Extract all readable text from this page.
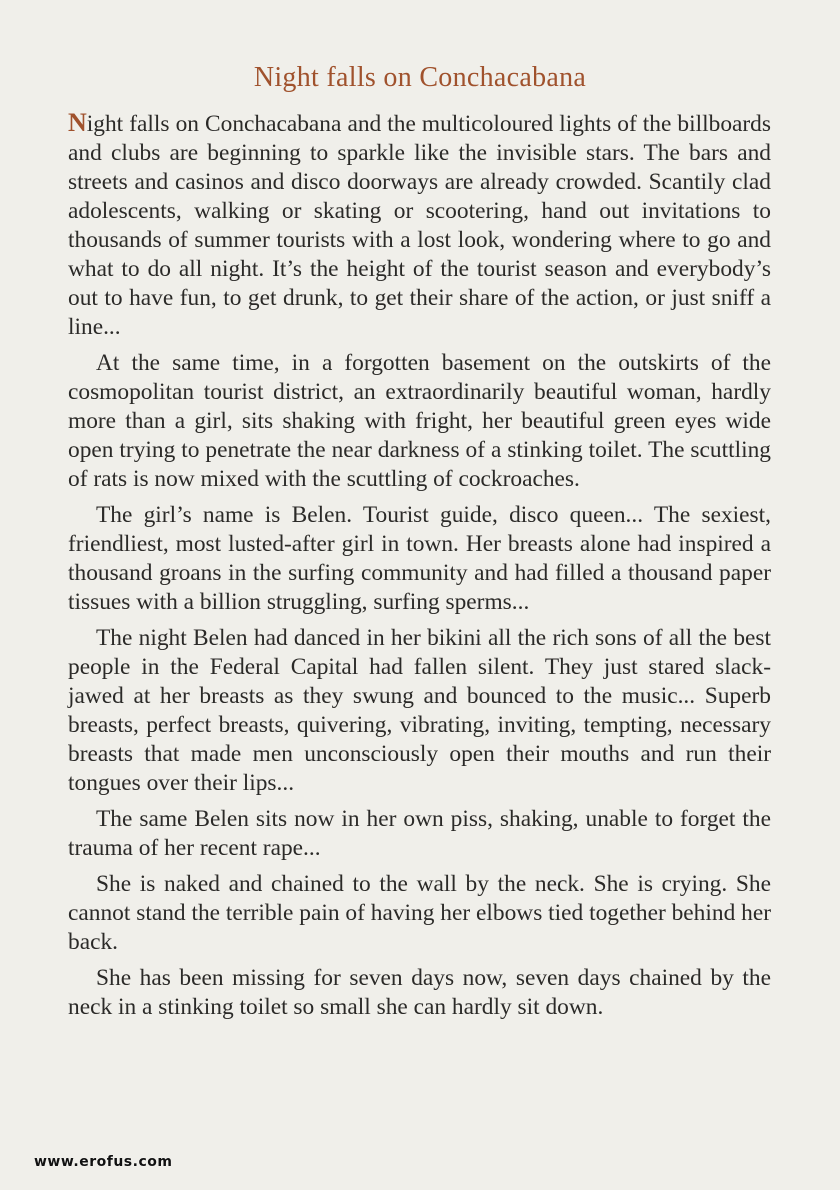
Night falls on Conchacabana

Night falls on Conchacabana and the multicoloured lights of the billboards and clubs are beginning to sparkle like the invisible stars. The bars and streets and casinos and disco doorways are already crowded. Scantily clad adolescents, walking or skating or scootering, hand out invitations to thousands of summer tourists with a lost look, wondering where to go and what to do all night. It’s the height of the tourist season and everybody’s out to have fun, to get drunk, to get their share of the action, or just sniff a line...

At the same time, in a forgotten basement on the outskirts of the cosmopolitan tourist district, an extraordinarily beautiful woman, hardly more than a girl, sits shaking with fright, her beautiful green eyes wide open trying to penetrate the near darkness of a stinking toilet. The scuttling of rats is now mixed with the scuttling of cockroaches.

The girl’s name is Belen. Tourist guide, disco queen... The sexiest, friendliest, most lusted-after girl in town. Her breasts alone had inspired a thousand groans in the surfing community and had filled a thousand paper tissues with a billion struggling, surfing sperms...

The night Belen had danced in her bikini all the rich sons of all the best people in the Federal Capital had fallen silent. They just stared slack-jawed at her breasts as they swung and bounced to the music... Superb breasts, perfect breasts, quivering, vibrating, inviting, tempting, necessary breasts that made men unconsciously open their mouths and run their tongues over their lips...

The same Belen sits now in her own piss, shaking, unable to forget the trauma of her recent rape...

She is naked and chained to the wall by the neck. She is crying. She cannot stand the terrible pain of having her elbows tied together behind her back.

She has been missing for seven days now, seven days chained by the neck in a stinking toilet so small she can hardly sit down.

www.erofus.com
